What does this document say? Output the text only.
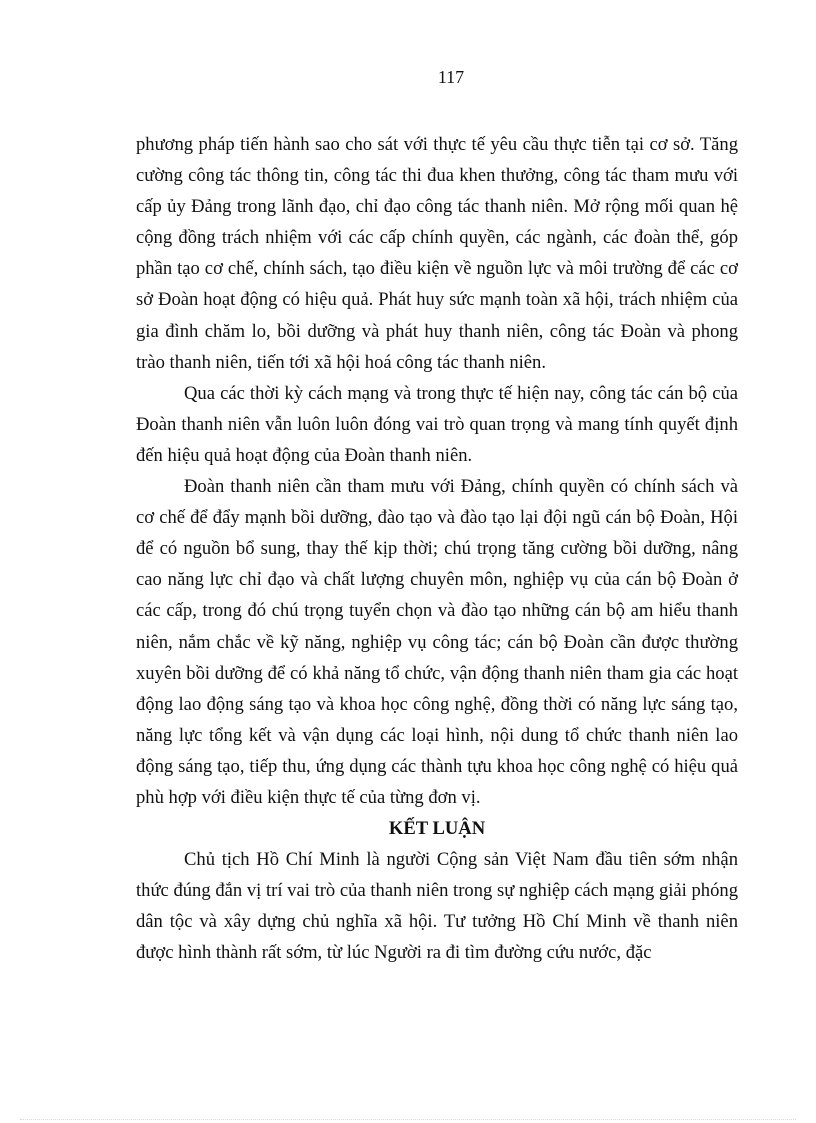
117

phương pháp tiến hành sao cho sát với thực tế yêu cầu thực tiễn tại cơ sở. Tăng cường công tác thông tin, công tác thi đua khen thưởng, công tác tham mưu với cấp ủy Đảng trong lãnh đạo, chỉ đạo công tác thanh niên. Mở rộng mối quan hệ cộng đồng trách nhiệm với các cấp chính quyền, các ngành, các đoàn thể, góp phần tạo cơ chế, chính sách, tạo điều kiện về nguồn lực và môi trường để các cơ sở Đoàn hoạt động có hiệu quả. Phát huy sức mạnh toàn xã hội, trách nhiệm của gia đình chăm lo, bồi dưỡng và phát huy thanh niên, công tác Đoàn và phong trào thanh niên, tiến tới xã hội hoá công tác thanh niên.

Qua các thời kỳ cách mạng và trong thực tế hiện nay, công tác cán bộ của Đoàn thanh niên vẫn luôn luôn đóng vai trò quan trọng và mang tính quyết định đến hiệu quả hoạt động của Đoàn thanh niên.

Đoàn thanh niên cần tham mưu với Đảng, chính quyền có chính sách và cơ chế để đẩy mạnh bồi dưỡng, đào tạo và đào tạo lại đội ngũ cán bộ Đoàn, Hội để có nguồn bổ sung, thay thế kịp thời; chú trọng tăng cường bồi dưỡng, nâng cao năng lực chỉ đạo và chất lượng chuyên môn, nghiệp vụ của cán bộ Đoàn ở các cấp, trong đó chú trọng tuyển chọn và đào tạo những cán bộ am hiểu thanh niên, nắm chắc về kỹ năng, nghiệp vụ công tác; cán bộ Đoàn cần được thường xuyên bồi dưỡng để có khả năng tổ chức, vận động thanh niên tham gia các hoạt động lao động sáng tạo và khoa học công nghệ, đồng thời có năng lực sáng tạo, năng lực tổng kết và vận dụng các loại hình, nội dung tổ chức thanh niên lao động sáng tạo, tiếp thu, ứng dụng các thành tựu khoa học công nghệ có hiệu quả phù hợp với điều kiện thực tế của từng đơn vị.

KẾT LUẬN

Chủ tịch Hồ Chí Minh là người Cộng sản Việt Nam đầu tiên sớm nhận thức đúng đắn vị trí vai trò của thanh niên trong sự nghiệp cách mạng giải phóng dân tộc và xây dựng chủ nghĩa xã hội. Tư tưởng Hồ Chí Minh về thanh niên được hình thành rất sớm, từ lúc Người ra đi tìm đường cứu nước, đặc
